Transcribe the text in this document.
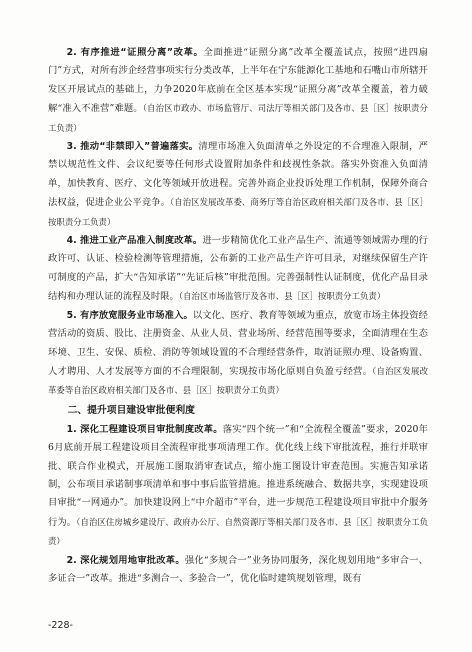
2. 有序推进“证照分离”改革。全面推进“证照分离”改革全覆盖试点，按照“进四扇门”方式，对所有涉企经营事项实行分类改革，上半年在宁东能源化工基地和石嘴山市所辖开发区开展试点的基础上，力争2020年底前在全区基本实现“证照分离”改革全覆盖，着力破解“准入不准营”难题。（自治区市政办、市场监管厅、司法厅等相关部门及各市、县［区］按职责分工负责）

3. 推动“非禁即入”普遍落实。清理市场准入负面清单之外设定的不合理准入限制，严禁以规范性文件、会议纪要等任何形式设置附加条件和歧视性条款。落实外资准入负面清单，加快教育、医疗、文化等领域开放进程。完善外商企业投诉处理工作机制，保障外商合法权益，促进企业公平竞争。（自治区发展改革委、商务厅等自治区政府相关部门及各市、县［区］按职责分工负责）

4. 推进工业产品准入制度改革。进一步精简优化工业产品生产、流通等领域需办理的行政许可、认证、检验检测等管理措施，公布新的工业产品生产许可目录，对继续保留生产许可制度的产品，扩大“告知承诺”“先证后核”审批范围。完善强制性认证制度，优化产品目录结构和办理认证的流程及时限。（自治区市场监管厅及各市、县［区］按职责分工负责）

5. 有序放宽服务业市场准入。以文化、医疗、教育等领域为重点，放宽市场主体投资经营活动的资质、股比、注册资金、从业人员、营业场所、经营范围等要求，全面清理在生态环境、卫生、安保、质检、消防等领域设置的不合理经营条件，取消证照办理、设备购置、人才聘用、人才发展等方面的不合理限制，实现按市场化原则自负盈亏经营。（自治区发展改革委等自治区政府相关部门及各市、县［区］按职责分工负责）

二、提升项目建设审批便利度

1. 深化工程建设项目审批制度改革。落实“四个统一”和“全流程全覆盖”要求，2020年6月底前开展工程建设项目全流程审批事项清理工作。优化线上线下审批流程，推行并联审批、联合作业模式，开展施工图取消审查试点，缩小施工图设计审查范围。实施告知承诺制，公布项目承诺制事项清单和事中事后监管措施。推进系统融合、数据共享，实现建设项目审批“一网通办”。加快建设网上“中介超市”平台，进一步规范工程建设项目审批中介服务行为。（自治区住房城乡建设厅、政府办公厅、自然资源厅等相关部门及各市、县［区］按职责分工负责）

2. 深化规划用地审批改革。强化“多规合一”业务协同服务，深化规划用地“多审合一、多证合一”改革。推进“多测合一、多验合一”，优化临时建筑规划管理，既有

-228-
